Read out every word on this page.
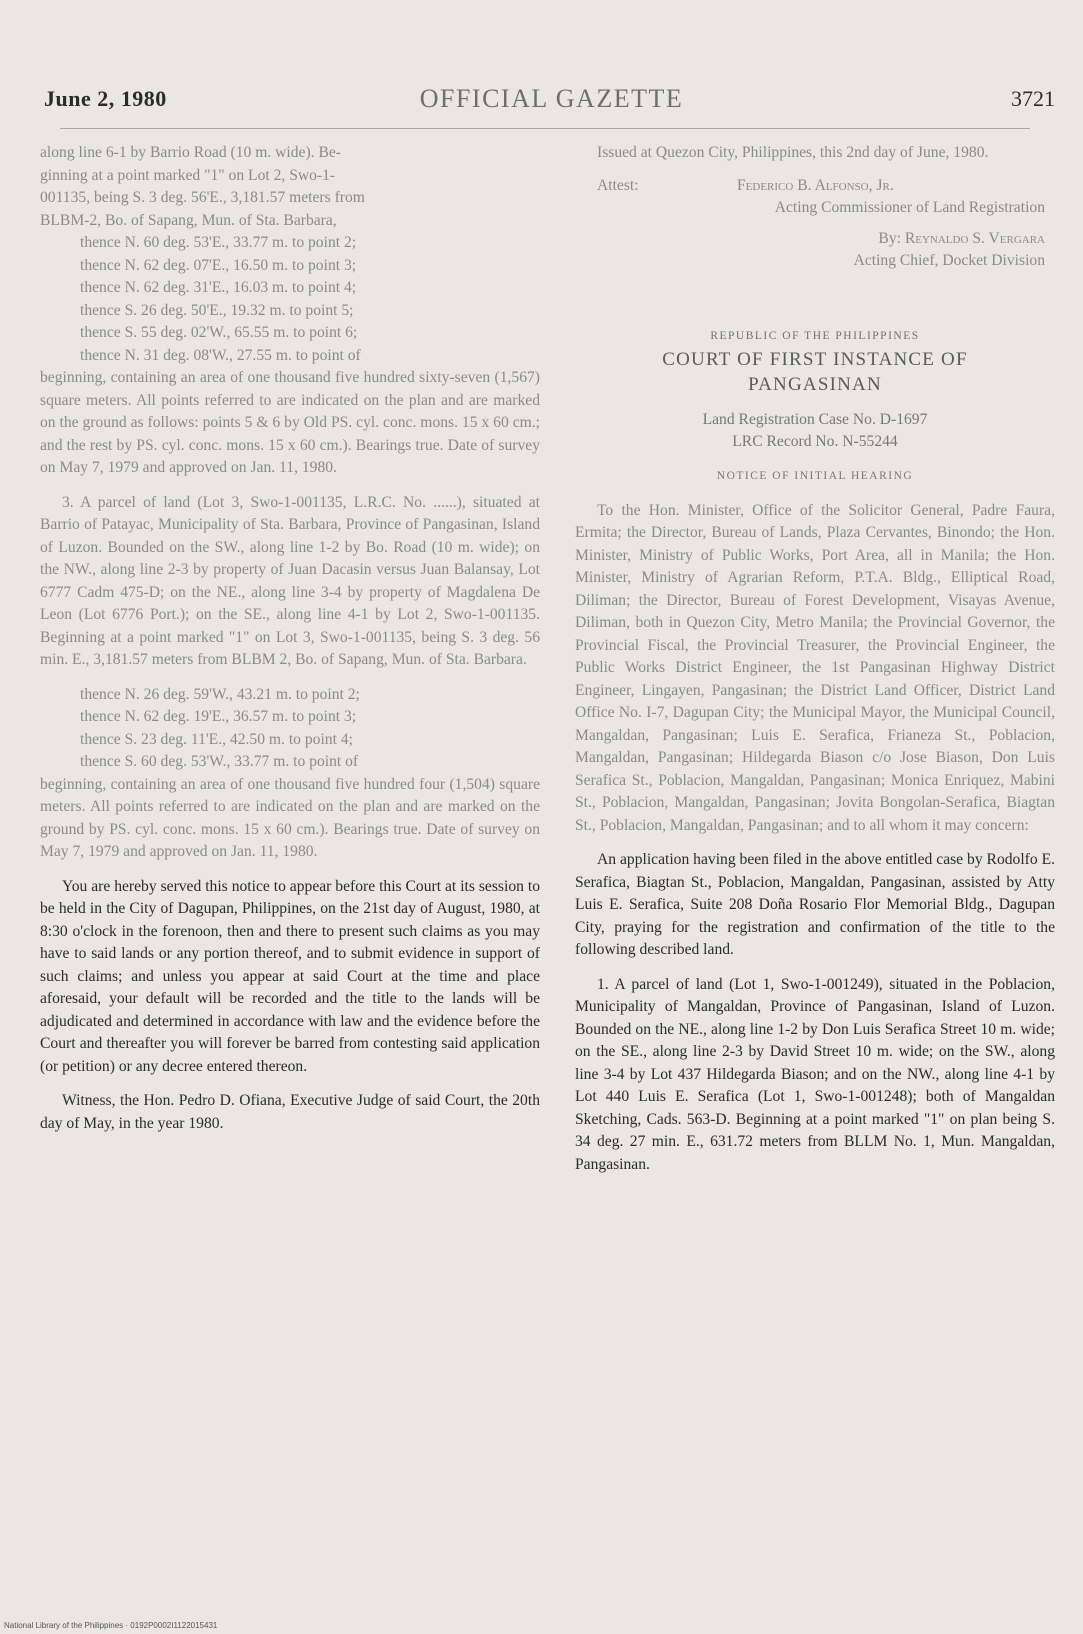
June 2, 1980	OFFICIAL GAZETTE	3721

along line 6-1 by Barrio Road (10 m. wide). Be-

ginning at a point marked "1" on Lot 2, Swo-1-

001135, being S. 3 deg. 56'E., 3,181.57 meters from

BLBM-2, Bo. of Sapang, Mun. of Sta. Barbara,

thence N. 60 deg. 53'E., 33.77 m. to point 2;

thence N. 62 deg. 07'E., 16.50 m. to point 3;

thence N. 62 deg. 31'E., 16.03 m. to point 4;

thence S. 26 deg. 50'E., 19.32 m. to point 5;

thence S. 55 deg. 02'W., 65.55 m. to point 6;

thence N. 31 deg. 08'W., 27.55 m. to point of

beginning, containing an area of one thousand five hundred sixty-seven (1,567) square meters. All points referred to are indicated on the plan and are marked on the ground as follows: points 5 & 6 by Old PS. cyl. conc. mons. 15 x 60 cm.; and the rest by PS. cyl. conc. mons. 15 x 60 cm.). Bearings true. Date of survey on May 7, 1979 and approved on Jan. 11, 1980.

3. A parcel of land (Lot 3, Swo-1-001135, L.R.C. No. ......), situated at Barrio of Patayac, Municipality of Sta. Barbara, Province of Pangasinan, Island of Luzon. Bounded on the SW., along line 1-2 by Bo. Road (10 m. wide); on the NW., along line 2-3 by property of Juan Dacasin versus Juan Balansay, Lot 6777 Cadm 475-D; on the NE., along line 3-4 by property of Magdalena De Leon (Lot 6776 Port.); on the SE., along line 4-1 by Lot 2, Swo-1-001135. Beginning at a point marked "1" on Lot 3, Swo-1-001135, being S. 3 deg. 56 min. E., 3,181.57 meters from BLBM 2, Bo. of Sapang, Mun. of Sta. Barbara.

thence N. 26 deg. 59'W., 43.21 m. to point 2;

thence N. 62 deg. 19'E., 36.57 m. to point 3;

thence S. 23 deg. 11'E., 42.50 m. to point 4;

thence S. 60 deg. 53'W., 33.77 m. to point of

beginning, containing an area of one thousand five hundred four (1,504) square meters. All points referred to are indicated on the plan and are marked on the ground by PS. cyl. conc. mons. 15 x 60 cm.). Bearings true. Date of survey on May 7, 1979 and approved on Jan. 11, 1980.

You are hereby served this notice to appear before this Court at its session to be held in the City of Dagupan, Philippines, on the 21st day of August, 1980, at 8:30 o'clock in the forenoon, then and there to present such claims as you may have to said lands or any portion thereof, and to submit evidence in support of such claims; and unless you appear at said Court at the time and place aforesaid, your default will be recorded and the title to the lands will be adjudicated and determined in accordance with law and the evidence before the Court and thereafter you will forever be barred from contesting said application (or petition) or any decree entered thereon.

Witness, the Hon. Pedro D. Ofiana, Executive Judge of said Court, the 20th day of May, in the year 1980.

Issued at Quezon City, Philippines, this 2nd day of June, 1980.

Attest:	Federico B. Alfonso, Jr.
Acting Commissioner of Land Registration
By: Reynaldo S. Vergara
Acting Chief, Docket Division
REPUBLIC OF THE PHILIPPINES
COURT OF FIRST INSTANCE OF
PANGASINAN
Land Registration Case No. D-1697
LRC Record No. N-55244
NOTICE OF INITIAL HEARING

To the Hon. Minister, Office of the Solicitor General, Padre Faura, Ermita; the Director, Bureau of Lands, Plaza Cervantes, Binondo; the Hon. Minister, Ministry of Public Works, Port Area, all in Manila; the Hon. Minister, Ministry of Agrarian Reform, P.T.A. Bldg., Elliptical Road, Diliman; the Director, Bureau of Forest Development, Visayas Avenue, Diliman, both in Quezon City, Metro Manila; the Provincial Governor, the Provincial Fiscal, the Provincial Treasurer, the Provincial Engineer, the Public Works District Engineer, the 1st Pangasinan Highway District Engineer, Lingayen, Pangasinan; the District Land Officer, District Land Office No. I-7, Dagupan City; the Municipal Mayor, the Municipal Council, Mangaldan, Pangasinan; Luis E. Serafica, Frianeza St., Poblacion, Mangaldan, Pangasinan; Hildegarda Biason c/o Jose Biason, Don Luis Serafica St., Poblacion, Mangaldan, Pangasinan; Monica Enriquez, Mabini St., Poblacion, Mangaldan, Pangasinan; Jovita Bongolan-Serafica, Biagtan St., Poblacion, Mangaldan, Pangasinan; and to all whom it may concern:

An application having been filed in the above entitled case by Rodolfo E. Serafica, Biagtan St., Poblacion, Mangaldan, Pangasinan, assisted by Atty Luis E. Serafica, Suite 208 Doña Rosario Flor Memorial Bldg., Dagupan City, praying for the registration and confirmation of the title to the following described land.

1. A parcel of land (Lot 1, Swo-1-001249), situated in the Poblacion, Municipality of Mangaldan, Province of Pangasinan, Island of Luzon. Bounded on the NE., along line 1-2 by Don Luis Serafica Street 10 m. wide; on the SE., along line 2-3 by David Street 10 m. wide; on the SW., along line 3-4 by Lot 437 Hildegarda Biason; and on the NW., along line 4-1 by Lot 440 Luis E. Serafica (Lot 1, Swo-1-001248); both of Mangaldan Sketching, Cads. 563-D. Beginning at a point marked "1" on plan being S. 34 deg. 27 min. E., 631.72 meters from BLLM No. 1, Mun. Mangaldan, Pangasinan.

National Library of the Philippines · 0192P0002I1122015431
